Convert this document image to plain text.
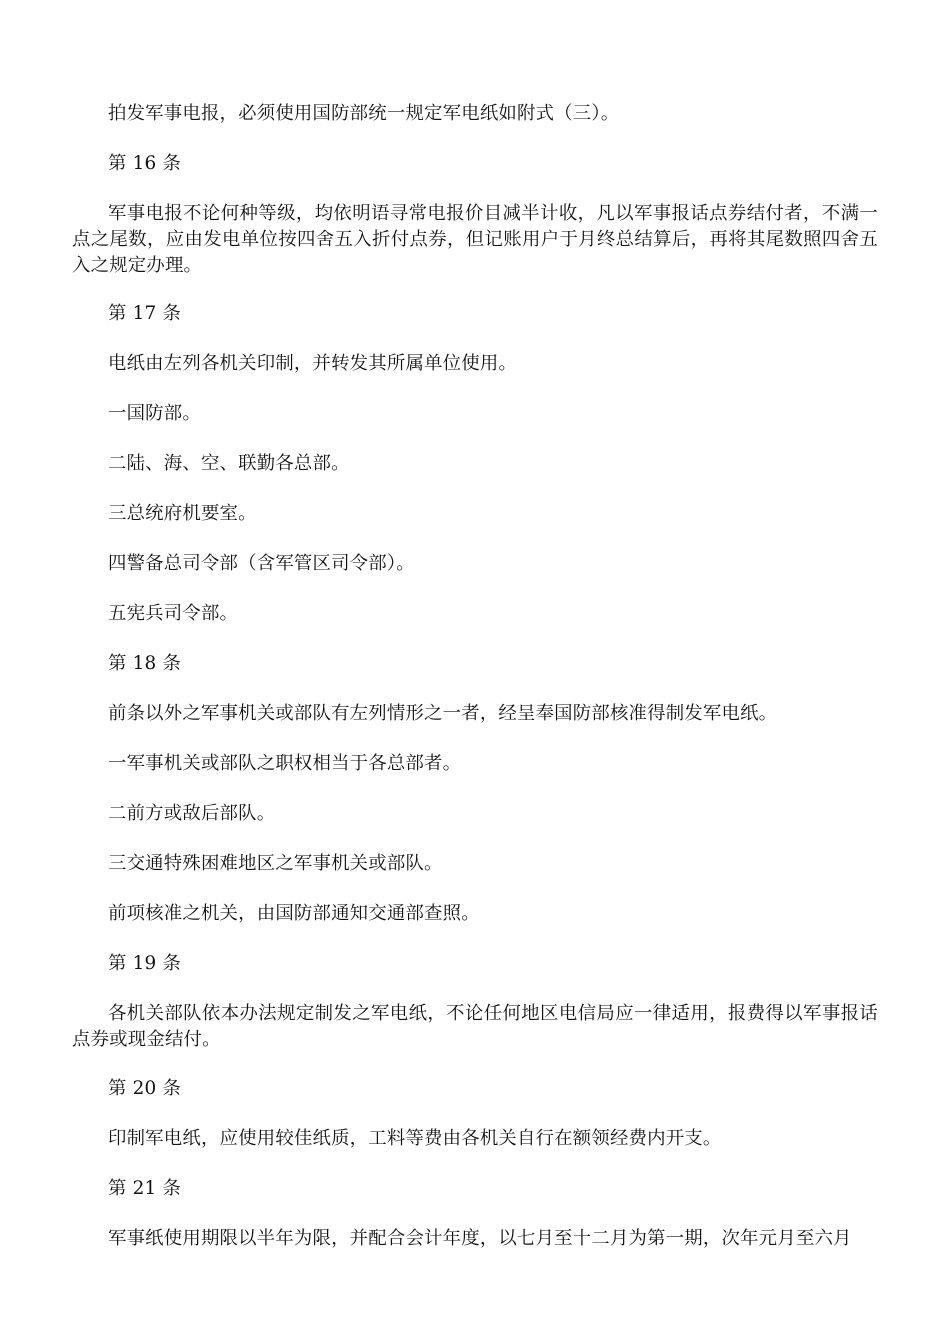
拍发军事电报，必须使用国防部统一规定军电纸如附式（三）。

第 16 条

军事电报不论何种等级，均依明语寻常电报价目减半计收，凡以军事报话点券结付者，不满一点之尾数，应由发电单位按四舍五入折付点券，但记账用户于月终总结算后，再将其尾数照四舍五入之规定办理。

第 17 条

电纸由左列各机关印制，并转发其所属单位使用。

一国防部。

二陆、海、空、联勤各总部。

三总统府机要室。

四警备总司令部（含军管区司令部）。

五宪兵司令部。

第 18 条

前条以外之军事机关或部队有左列情形之一者，经呈奉国防部核准得制发军电纸。

一军事机关或部队之职权相当于各总部者。

二前方或敌后部队。

三交通特殊困难地区之军事机关或部队。

前项核准之机关，由国防部通知交通部查照。

第 19 条

各机关部队依本办法规定制发之军电纸，不论任何地区电信局应一律适用，报费得以军事报话点券或现金结付。

第 20 条

印制军电纸，应使用较佳纸质，工料等费由各机关自行在额领经费内开支。

第 21 条

军事纸使用期限以半年为限，并配合会计年度，以七月至十二月为第一期，次年元月至六月
